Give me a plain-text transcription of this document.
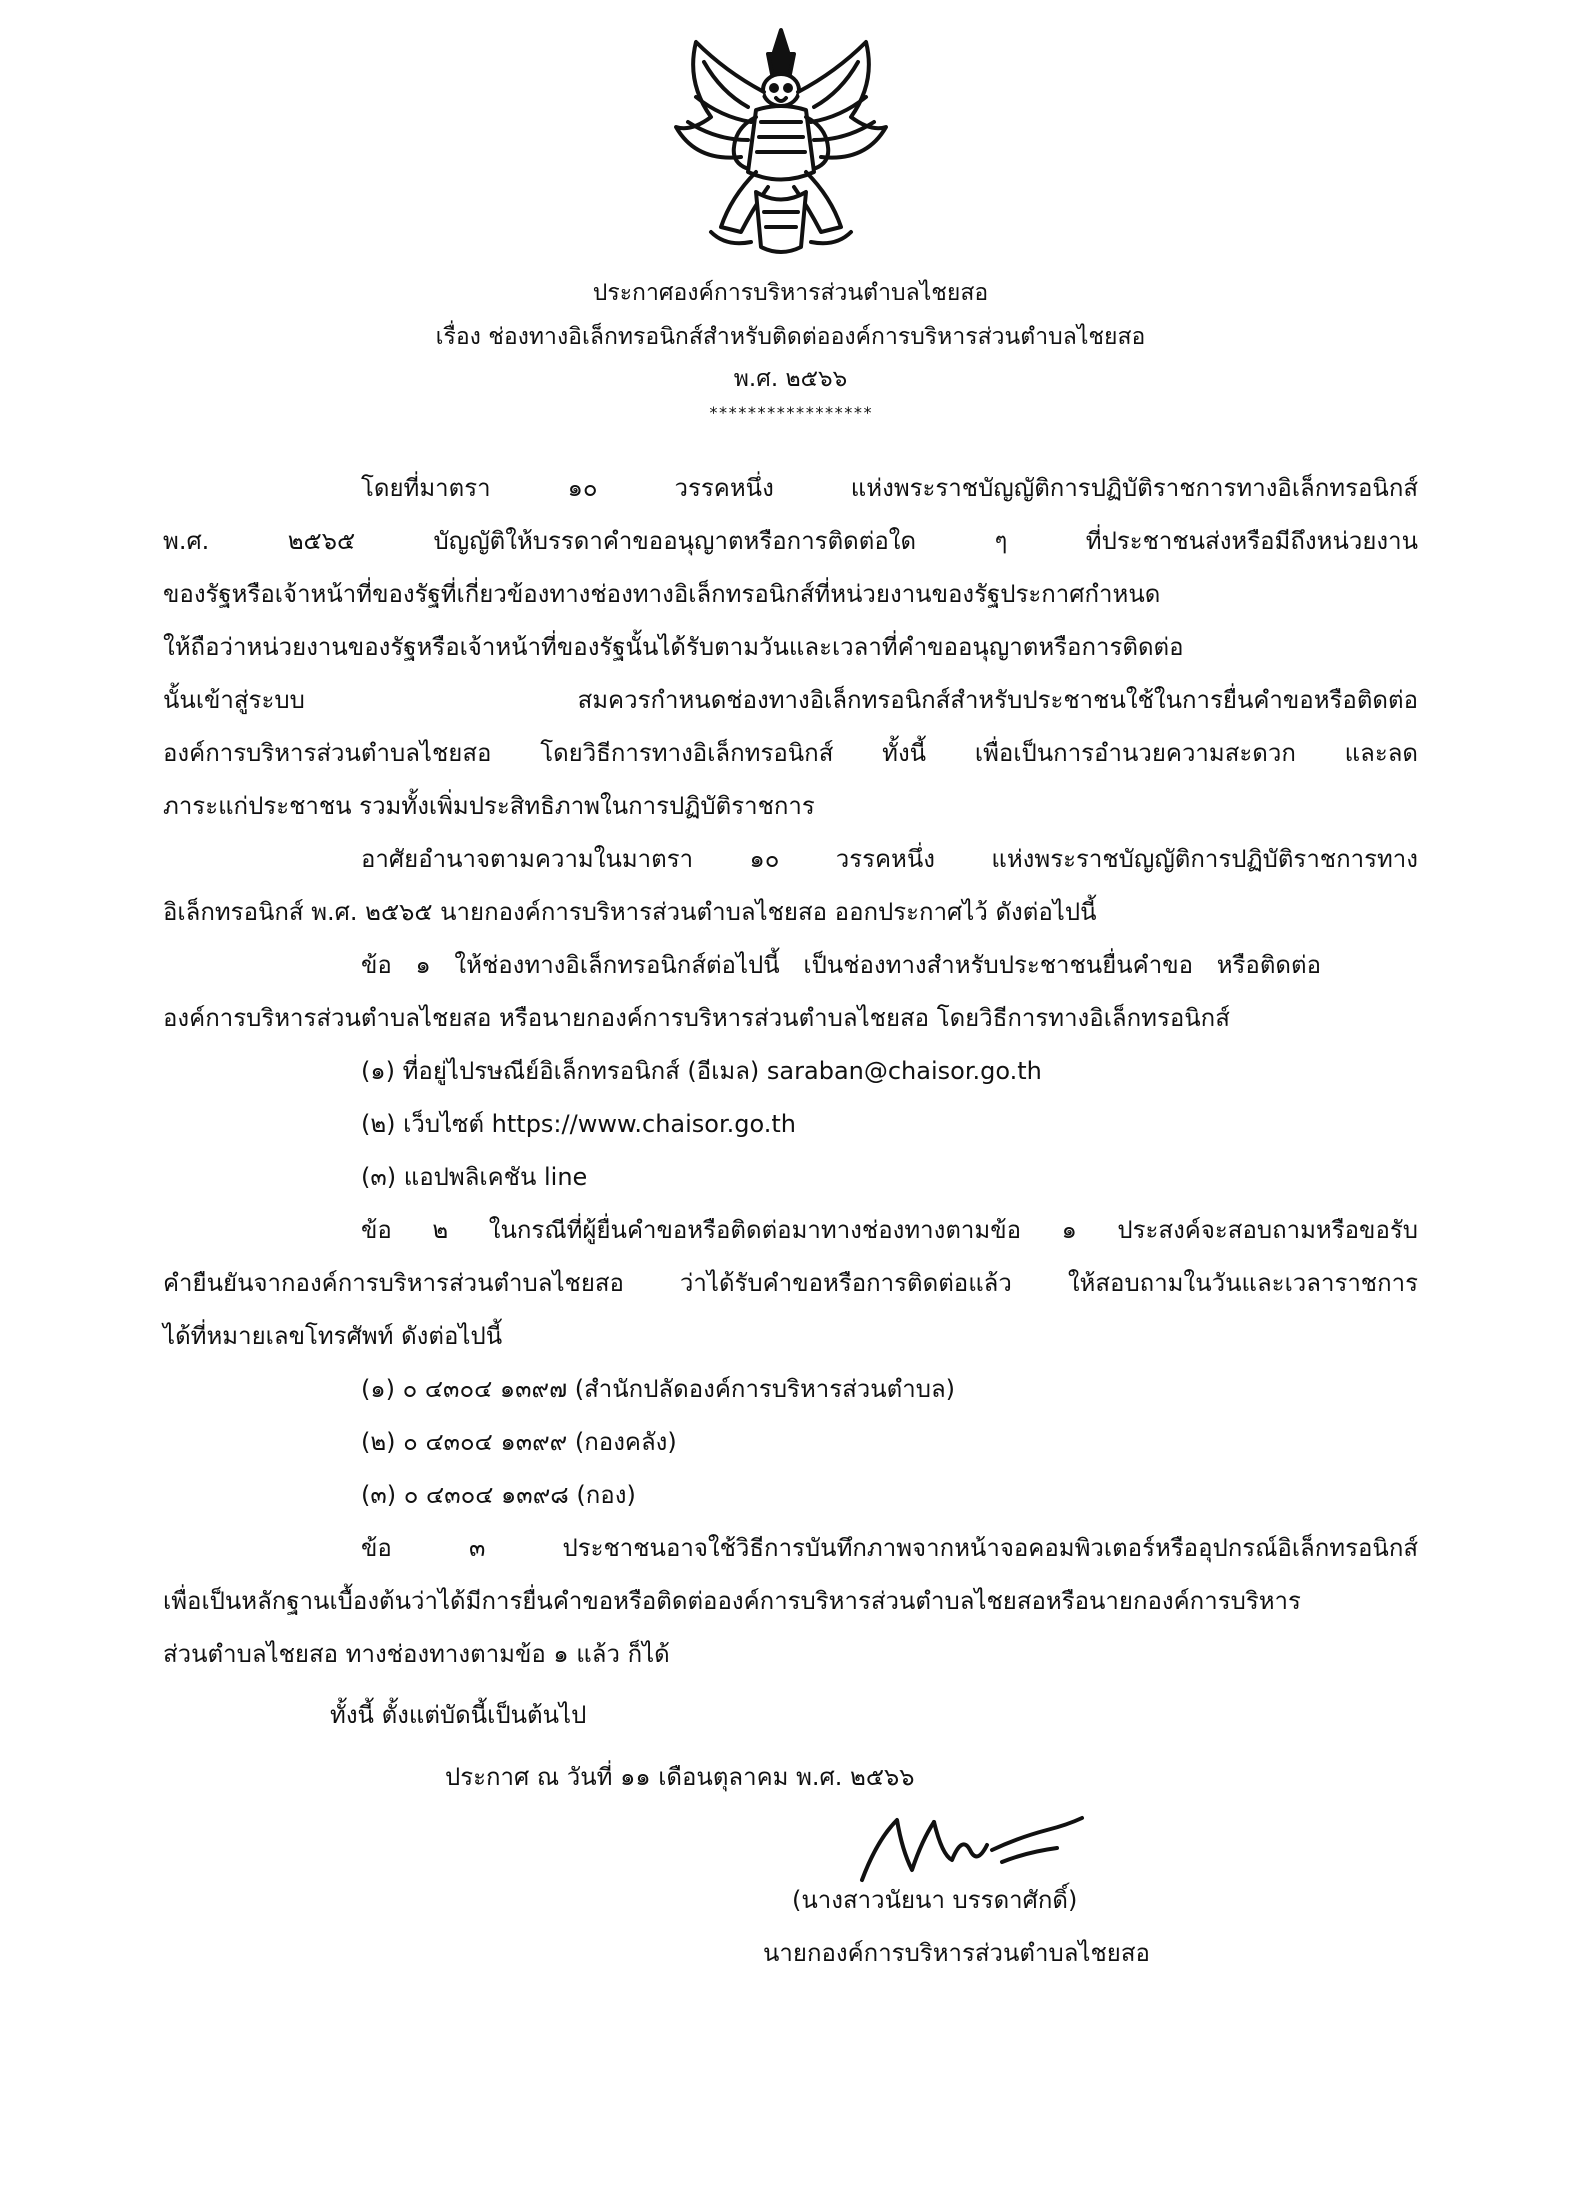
ประกาศองค์การบริหารส่วนตำบลไชยสอ
เรื่อง ช่องทางอิเล็กทรอนิกส์สำหรับติดต่อองค์การบริหารส่วนตำบลไชยสอ
พ.ศ. ๒๕๖๖
*****************
โดยที่มาตรา ๑๐ วรรคหนึ่ง แห่งพระราชบัญญัติการปฏิบัติราชการทางอิเล็กทรอนิกส์
พ.ศ. ๒๕๖๕ บัญญัติให้บรรดาคำขออนุญาตหรือการติดต่อใด ๆ ที่ประชาชนส่งหรือมีถึงหน่วยงาน
ของรัฐหรือเจ้าหน้าที่ของรัฐที่เกี่ยวข้องทางช่องทางอิเล็กทรอนิกส์ที่หน่วยงานของรัฐประกาศกำหนด
ให้ถือว่าหน่วยงานของรัฐหรือเจ้าหน้าที่ของรัฐนั้นได้รับตามวันและเวลาที่คำขออนุญาตหรือการติดต่อ
นั้นเข้าสู่ระบบ สมควรกำหนดช่องทางอิเล็กทรอนิกส์สำหรับประชาชนใช้ในการยื่นคำขอหรือติดต่อ
องค์การบริหารส่วนตำบลไชยสอ โดยวิธีการทางอิเล็กทรอนิกส์ ทั้งนี้ เพื่อเป็นการอำนวยความสะดวก และลด
ภาระแก่ประชาชน รวมทั้งเพิ่มประสิทธิภาพในการปฏิบัติราชการ
อาศัยอำนาจตามความในมาตรา ๑๐ วรรคหนึ่ง แห่งพระราชบัญญัติการปฏิบัติราชการทาง
อิเล็กทรอนิกส์ พ.ศ. ๒๕๖๕ นายกองค์การบริหารส่วนตำบลไชยสอ ออกประกาศไว้ ดังต่อไปนี้
ข้อ ๑ ให้ช่องทางอิเล็กทรอนิกส์ต่อไปนี้ เป็นช่องทางสำหรับประชาชนยื่นคำขอ หรือติดต่อ
องค์การบริหารส่วนตำบลไชยสอ หรือนายกองค์การบริหารส่วนตำบลไชยสอ โดยวิธีการทางอิเล็กทรอนิกส์
(๑) ที่อยู่ไปรษณีย์อิเล็กทรอนิกส์ (อีเมล) saraban@chaisor.go.th
(๒) เว็บไซต์ https://www.chaisor.go.th
(๓) แอปพลิเคชัน line
ข้อ ๒ ในกรณีที่ผู้ยื่นคำขอหรือติดต่อมาทางช่องทางตามข้อ ๑ ประสงค์จะสอบถามหรือขอรับ
คำยืนยันจากองค์การบริหารส่วนตำบลไชยสอ ว่าได้รับคำขอหรือการติดต่อแล้ว ให้สอบถามในวันและเวลาราชการ
ได้ที่หมายเลขโทรศัพท์ ดังต่อไปนี้
(๑) ๐ ๔๓๐๔ ๑๓๙๗ (สำนักปลัดองค์การบริหารส่วนตำบล)
(๒) ๐ ๔๓๐๔ ๑๓๙๙ (กองคลัง)
(๓) ๐ ๔๓๐๔ ๑๓๙๘ (กอง)
ข้อ ๓ ประชาชนอาจใช้วิธีการบันทึกภาพจากหน้าจอคอมพิวเตอร์หรืออุปกรณ์อิเล็กทรอนิกส์
เพื่อเป็นหลักฐานเบื้องต้นว่าได้มีการยื่นคำขอหรือติดต่อองค์การบริหารส่วนตำบลไชยสอหรือนายกองค์การบริหาร
ส่วนตำบลไชยสอ ทางช่องทางตามข้อ ๑ แล้ว ก็ได้
ทั้งนี้ ตั้งแต่บัดนี้เป็นต้นไป
ประกาศ ณ วันที่ ๑๑ เดือนตุลาคม พ.ศ. ๒๕๖๖
(นางสาวนัยนา บรรดาศักดิ์)
นายกองค์การบริหารส่วนตำบลไชยสอ
